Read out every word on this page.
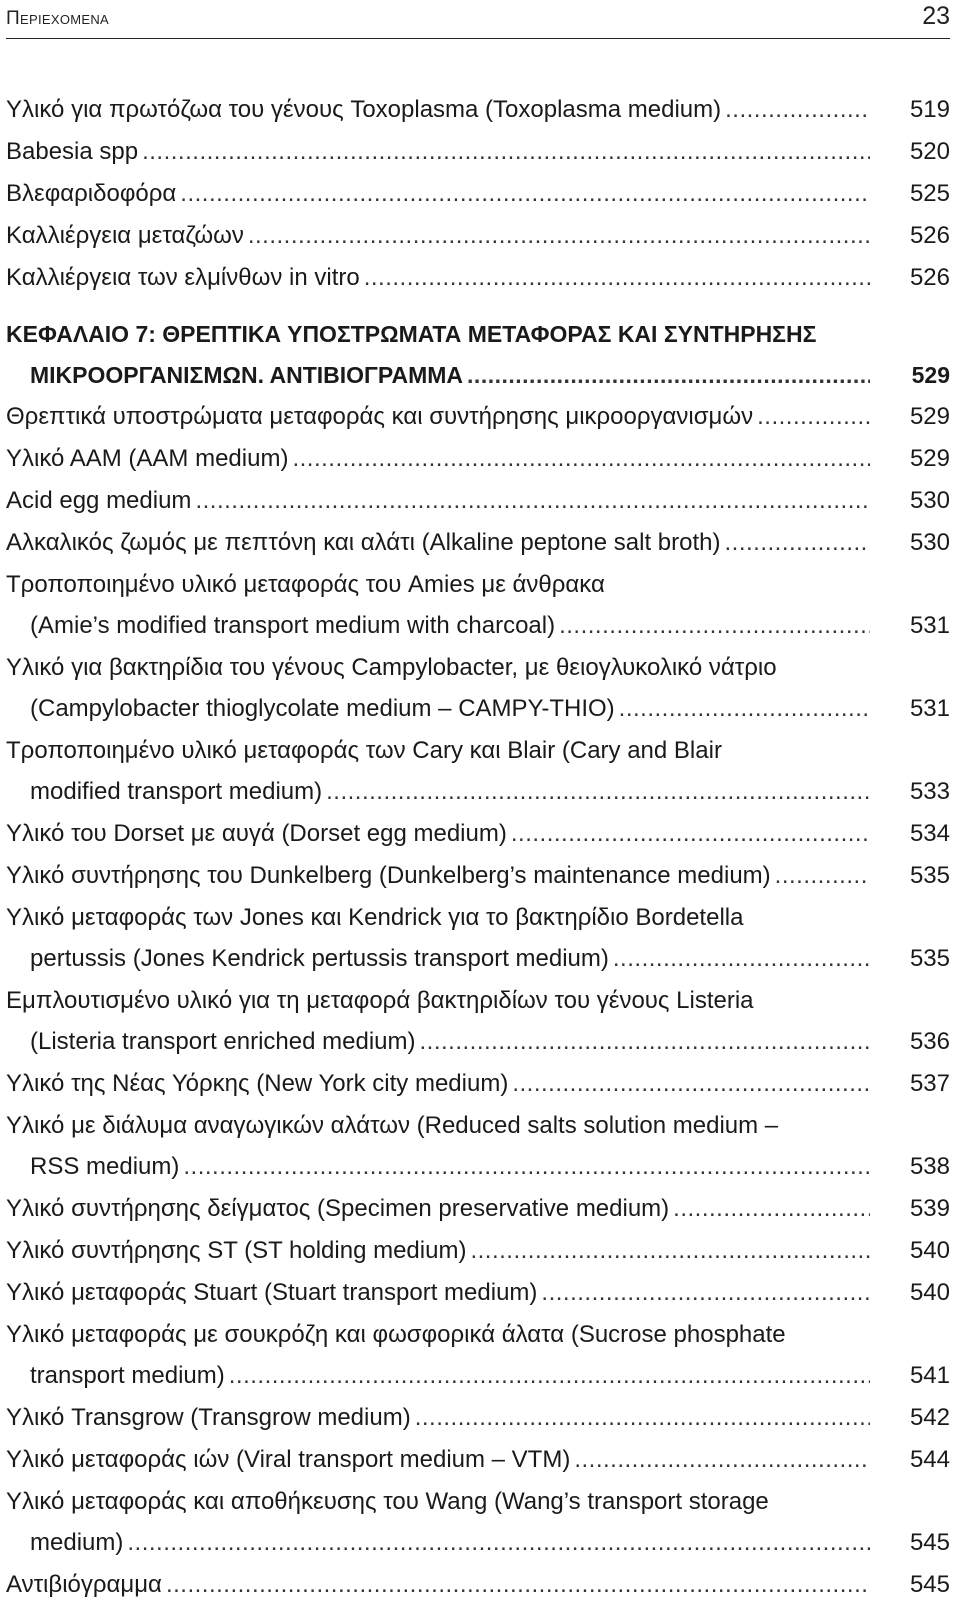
Περιεχομενα	23
Υλικό για πρωτόζωα του γένους Toxoplasma (Toxoplasma medium) .....	519
Babesia spp .....	520
Βλεφαριδοφόρα .....	525
Καλλιέργεια μεταζώων .....	526
Καλλιέργεια των ελμίνθων in vitro .....	526
ΚΕΦΑΛΑΙΟ 7: ΘΡΕΠΤΙΚΑ ΥΠΟΣΤΡΩΜΑΤΑ ΜΕΤΑΦΟΡΑΣ ΚΑΙ ΣΥΝΤΗΡΗΣΗΣ
ΜΙΚΡΟΟΡΓΑΝΙΣΜΩΝ. ΑΝΤΙΒΙΟΓΡΑΜΜΑ .....	529
Θρεπτικά υποστρώματα μεταφοράς και συντήρησης μικροοργανισμών .....	529
Υλικό ΑΑΜ (AAM medium) .....	529
Acid egg medium .....	530
Αλκαλικός ζωμός με πεπτόνη και αλάτι (Alkaline peptone salt broth) .....	530
Τροποποιημένο υλικό μεταφοράς του Amies με άνθρακα
(Amie’s modified transport medium with charcoal) .....	531
Υλικό για βακτηρίδια του γένους Campylobacter, με θειογλυκολικό νάτριο
(Campylobacter thioglycolate medium – CAMPY-THIO) .....	531
Τροποποιημένο υλικό μεταφοράς των Cary και Blair (Cary and Blair
modified transport medium) .....	533
Υλικό του Dorset με αυγά (Dorset egg medium) .....	534
Υλικό συντήρησης του Dunkelberg (Dunkelberg’s maintenance medium) .....	535
Υλικό μεταφοράς των Jones και Kendrick για το βακτηρίδιο Bordetella
pertussis (Jones Kendrick pertussis transport medium) .....	535
Εμπλουτισμένο υλικό για τη μεταφορά βακτηριδίων του γένους Listeria
(Listeria transport enriched medium) .....	536
Υλικό της Νέας Υόρκης (New York city medium) .....	537
Υλικό με διάλυμα αναγωγικών αλάτων (Reduced salts solution medium –
RSS medium) .....	538
Υλικό συντήρησης δείγματος (Specimen preservative medium) .....	539
Υλικό συντήρησης ST (ST holding medium) .....	540
Υλικό μεταφοράς Stuart (Stuart transport medium) .....	540
Υλικό μεταφοράς με σουκρόζη και φωσφορικά άλατα (Sucrose phosphate
transport medium) .....	541
Υλικό Transgrow (Transgrow medium) .....	542
Υλικό μεταφοράς ιών (Viral transport medium – VTM) .....	544
Υλικό μεταφοράς και αποθήκευσης του Wang (Wang’s transport storage
medium) .....	545
Αντιβιόγραμμα .....	545
